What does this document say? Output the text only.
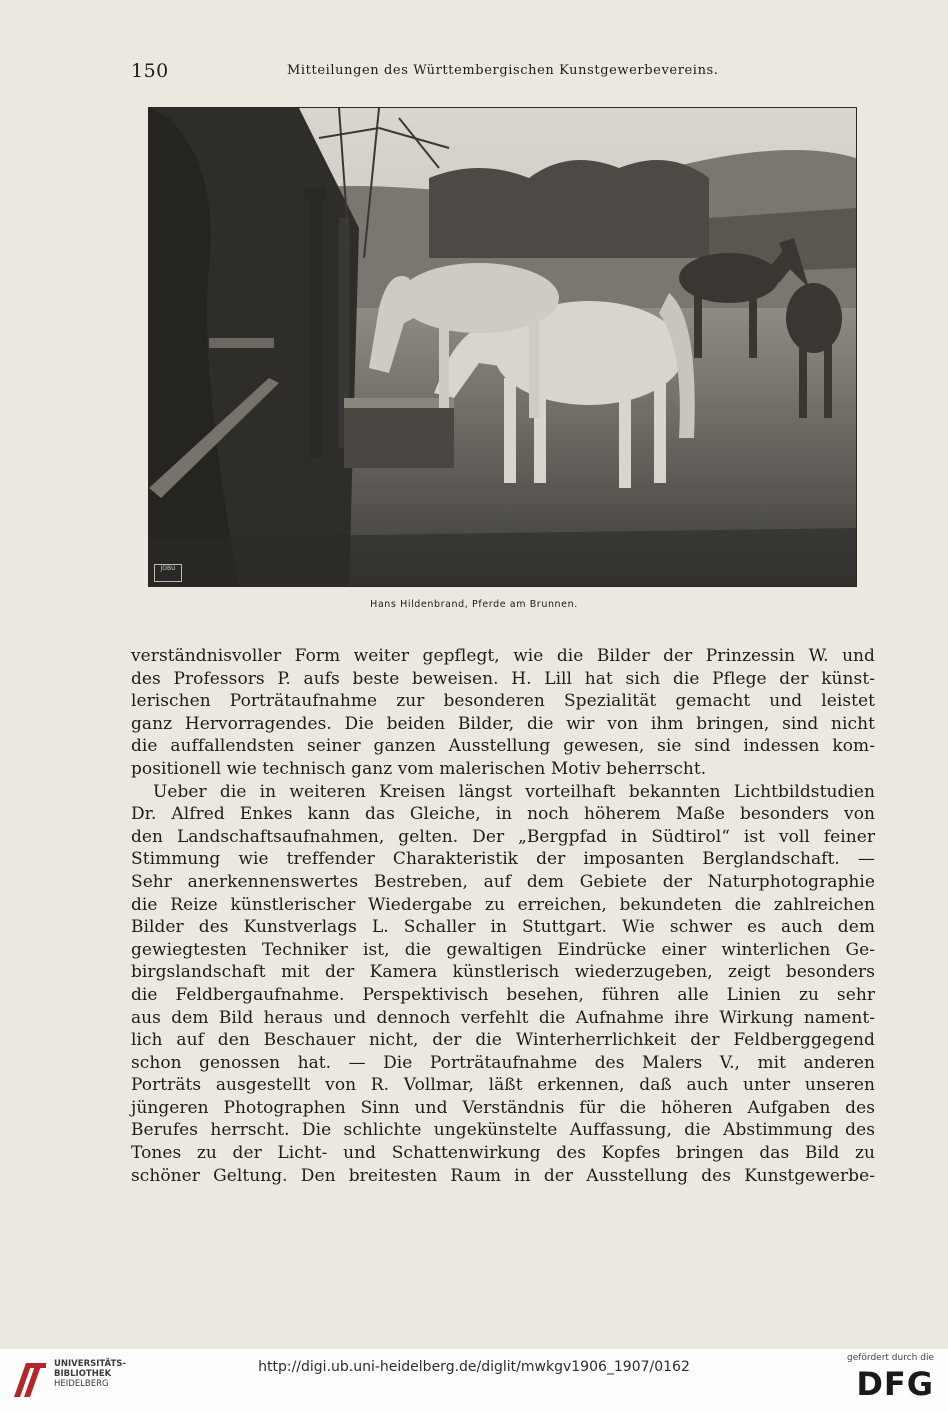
150	Mitteilungen des Württembergischen Kunstgewerbevereins.
JOBU
Hans Hildenbrand, Pferde am Brunnen.
verständnisvoller Form weiter gepflegt, wie die Bilder der Prinzessin W. und
des Professors P. aufs beste beweisen. H. Lill hat sich die Pflege der künst-
lerischen Porträtaufnahme zur besonderen Spezialität gemacht und leistet
ganz Hervorragendes. Die beiden Bilder, die wir von ihm bringen, sind nicht
die auffallendsten seiner ganzen Ausstellung gewesen, sie sind indessen kom-
positionell wie technisch ganz vom malerischen Motiv beherrscht.
Ueber die in weiteren Kreisen längst vorteilhaft bekannten Lichtbildstudien
Dr. Alfred Enkes kann das Gleiche, in noch höherem Maße besonders von
den Landschaftsaufnahmen, gelten. Der „Bergpfad in Südtirol“ ist voll feiner
Stimmung wie treffender Charakteristik der imposanten Berglandschaft. —
Sehr anerkennenswertes Bestreben, auf dem Gebiete der Naturphotographie
die Reize künstlerischer Wiedergabe zu erreichen, bekundeten die zahlreichen
Bilder des Kunstverlags L. Schaller in Stuttgart. Wie schwer es auch dem
gewiegtesten Techniker ist, die gewaltigen Eindrücke einer winterlichen Ge-
birgslandschaft mit der Kamera künstlerisch wiederzugeben, zeigt besonders
die Feldbergaufnahme. Perspektivisch besehen, führen alle Linien zu sehr
aus dem Bild heraus und dennoch verfehlt die Aufnahme ihre Wirkung nament-
lich auf den Beschauer nicht, der die Winterherrlichkeit der Feldberggegend
schon genossen hat. — Die Porträtaufnahme des Malers V., mit anderen
Porträts ausgestellt von R. Vollmar, läßt erkennen, daß auch unter unseren
jüngeren Photographen Sinn und Verständnis für die höheren Aufgaben des
Berufes herrscht. Die schlichte ungekünstelte Auffassung, die Abstimmung des
Tones zu der Licht- und Schattenwirkung des Kopfes bringen das Bild zu
schöner Geltung. Den breitesten Raum in der Ausstellung des Kunstgewerbe-
UNIVERSITÄTS-
BIBLIOTHEK
HEIDELBERG
http://digi.ub.uni-heidelberg.de/diglit/mwkgv1906_1907/0162
gefördert durch die
DFG
